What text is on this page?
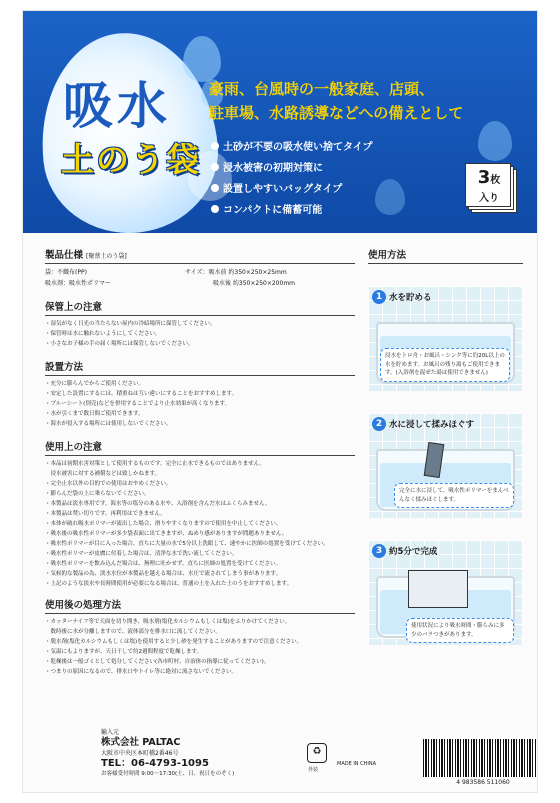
吸水
土のう袋
豪雨、台風時の一般家庭、店頭、
駐車場、水路誘導などへの備えとして
土砂が不要の吸水使い捨てタイプ
浸水被害の初期対策に
設置しやすいバッグタイプ
コンパクトに備蓄可能
3枚
入り
製品仕様 [聚蔡土のう袋]
袋：不織布(PP)	サイズ：吸水前 約350×250×25mm
吸水剤：吸水性ポリマー	吸水後 約350×250×200mm
保管上の注意
・湿気がなく日光の当たらない屋内の冷暗場所に保管してください。
・保管時は水に触れないようにしてください。
・小さなお子様の手の届く場所には保管しないでください。
設置方法
・充分に膨らんでからご使用ください。
・安定した設置にするには、積重ねは互い違いにすることをおすすめします。
・ブルーシート(別売)などを併用することでより止水効果が高くなります。
・水が引くまで数日間ご使用できます。
・海水が侵入する場所には使用しないでください。
使用上の注意
・本品は初期水害対策として使用するものです。完全に止水できるものではありません。
　浸水被害に対する補償などは致しかねます。
・完全止水以外の目的での使用はおやめください。
・膨らんだ袋の上に乗らないでください。
・本製品は淡水専用です。海水等の塩分のある水や、入浴剤を含んだ水はふくらみません。
・本製品は焚い切りです。再利用はできません。
・本体が破れ吸水ポリマーが流出した場合、滑りやすくなりますので使用を中止してください。
・吸水後の吸水性ポリマーが多少袋表面に出てきますが、ぬめり感がありますが問題ありません。
・吸水性ポリマーが目に入った場合、直ちに大量の水で5分以上洗眼して、速やかに医師の処置を受けてください。
・吸水性ポリマーが皮膚に付着した場合は、清浄な水で洗い流してください。
・吸水性ポリマーを飲み込んだ場合は、無理に吐かせず、直ちに医師の処置を受けてください。
・気候的な製品の為、淡水水位が本製品を越える場合は、水圧で流されてしまう事があります。
・上記のような淡水や長時間使用が必要になる場合は、普通の土を入れた土のうをおすすめします。
使用後の処理方法
・カッターナイフ等で天面を切り開き、吸水剤(塩化カルシウムもしくは塩)をふりかけてください。
　数時後に水が分離しますので、液体部分を排水口に流してください。
・脱水剤(塩化カルシウムもしくは塩)を使用すると少し砂を発生することがありますので注意ください。
・気温にもよりますが、天日干しで約2週間程度で乾燥します。
・乾燥後は一般ゴミとして処分してください(各市町村、自治体の指導に従ってください)。
・つまりの原因になるので、排水口やトイレ等に絶対に流さないでください。
使用方法
1 水を貯める
浸水をトロ舟・お風呂・シンク等に約20L以上の水を貯めます。お風呂の残り湯もご使用できます。(入浴剤を混ぜた湯は使用できません)
2 水に浸して揉みほぐす
完全に水に浸して、吸水性ポリマーをまんべんなく揉みほぐします。
3 約5分で完成
使用状況により吸水時間・膨らみに多少のバラつきがあります。
輸入元
株式会社 PALTAC
大阪市中央区本町橋2番46号
TEL：06-4793-1095
お客様受付時間 9:00〜17:30(土、日、祝日をのぞく)
♻
外装
MADE IN CHINA
4 983586 511060
